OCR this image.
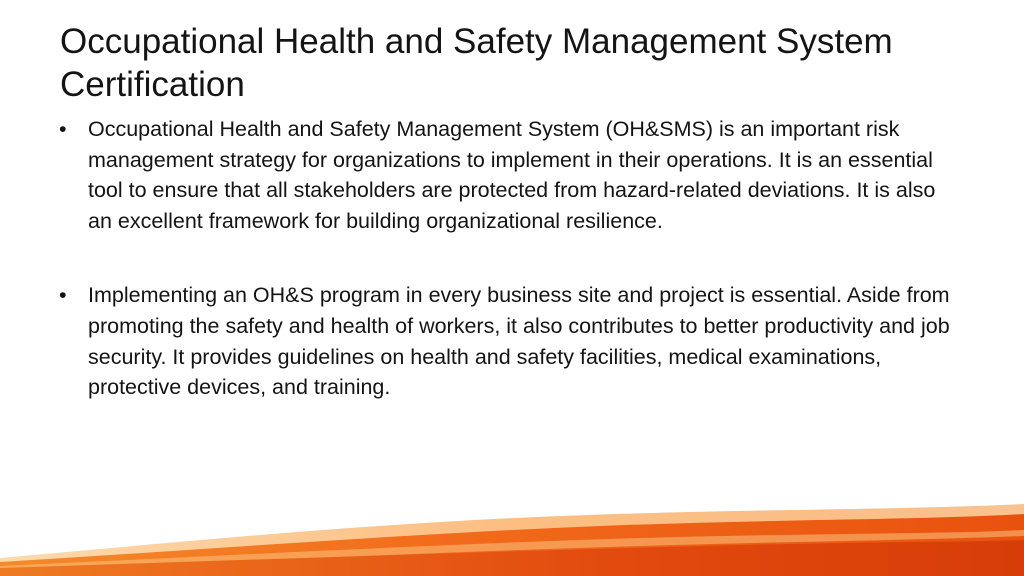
Occupational Health and Safety Management System Certification
• Occupational Health and Safety Management System (OH&SMS) is an important risk management strategy for organizations to implement in their operations. It is an essential tool to ensure that all stakeholders are protected from hazard-related deviations. It is also an excellent framework for building organizational resilience.
• Implementing an OH&S program in every business site and project is essential. Aside from promoting the safety and health of workers, it also contributes to better productivity and job security. It provides guidelines on health and safety facilities, medical examinations, protective devices, and training.
